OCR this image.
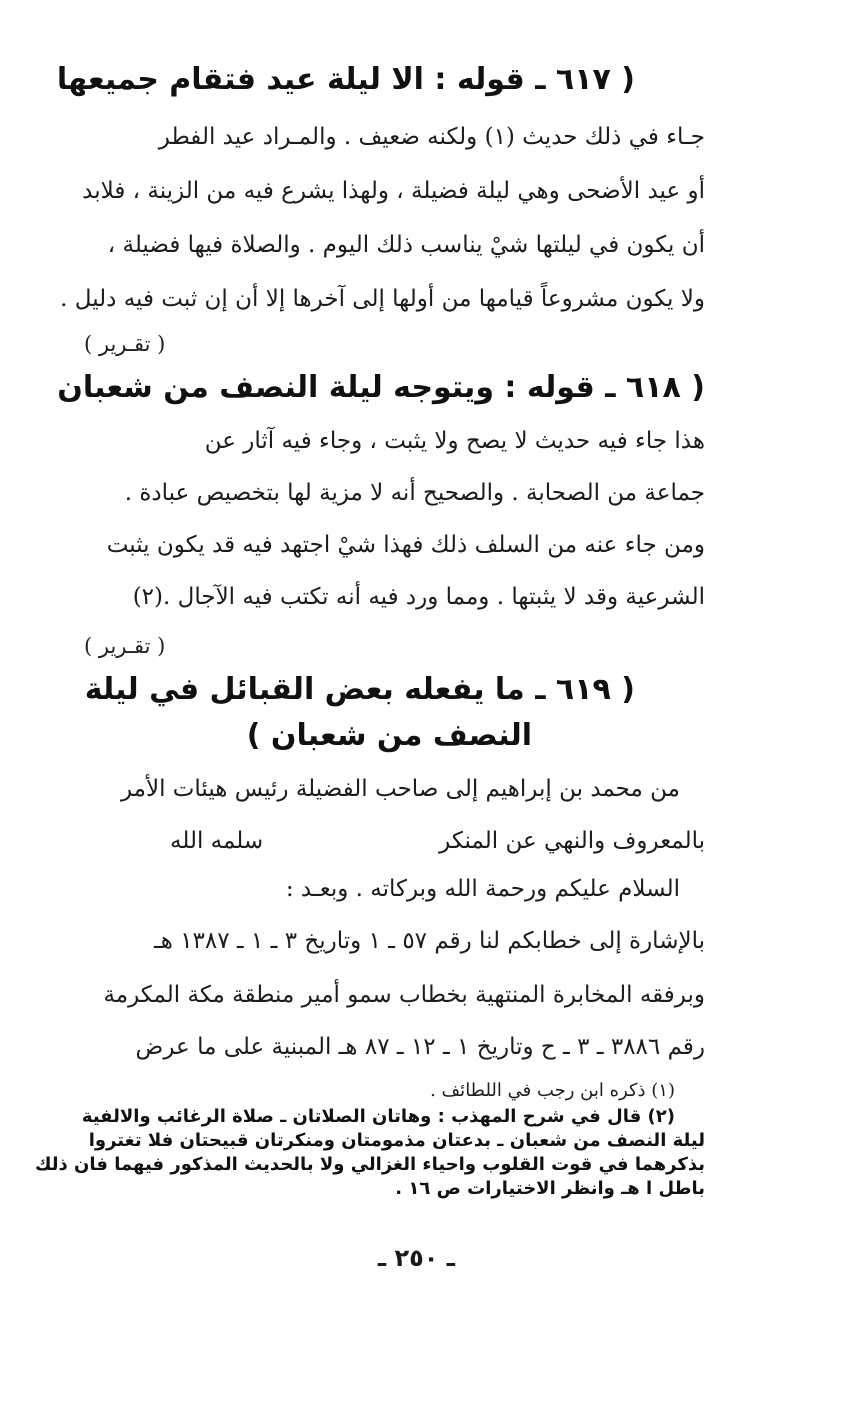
( ٦١٧ ـ قوله : الا ليلة عيد فتقام جميعها
جـاء في ذلك حديث (١) ولكنه ضعيف . والمـراد عيد الفطر
أو عيد الأضحى وهي ليلة فضيلة ، ولهذا يشرع فيه من الزينة ، فلابد
أن يكون في ليلتها شيْ يناسب ذلك اليوم . والصلاة فيها فضيلة ،
ولا يكون مشروعاً قيامها من أولها إلى آخرها إلا أن إن ثبت فيه دليل .
( تقـرير )
( ٦١٨ ـ قوله : ويتوجه ليلة النصف من شعبان
هذا جاء فيه حديث لا يصح ولا يثبت ، وجاء فيه آثار عن
جماعة من الصحابة . والصحيح أنه لا مزية لها بتخصيص عبادة .
ومن جاء عنه من السلف ذلك فهذا شيْ اجتهد فيه قد يكون يثبت
الشرعية وقد لا يثبتها . ومما ورد فيه أنه تكتب فيه الآجال .(٢)
( تقـرير )
( ٦١٩ ـ ما يفعله بعض القبائل في ليلة
النصف من شعبان )
من محمد بن إبراهيم إلى صاحب الفضيلة رئيس هيئات الأمر
بالمعروف والنهي عن المنكر
سلمه الله
السلام عليكم ورحمة الله وبركاته . وبعـد :
بالإشارة إلى خطابكم لنا رقم ٥٧ ـ ١ وتاريخ ٣ ـ ١ ـ ١٣٨٧ هـ
وبرفقه المخابرة المنتهية بخطاب سمو أمير منطقة مكة المكرمة
رقم ٣٨٨٦ ـ ٣ ـ ح وتاريخ ١ ـ ١٢ ـ ٨٧ هـ المبنية على ما عرض
(١) ذكره ابن رجب في اللطائف .
(٢) قال في شرح المهذب : وهاتان الصلاتان ـ صلاة الرغائب والالفية
ليلة النصف من شعبان ـ بدعتان مذمومتان ومنكرتان قبيحتان فلا تغتروا
بذكرهما في قوت القلوب واحياء الغزالي ولا بالحديث المذكور فيهما فان ذلك
باطل ا هـ وانظر الاختيارات ص ١٦ .
ـ ٢٥٠ ـ
